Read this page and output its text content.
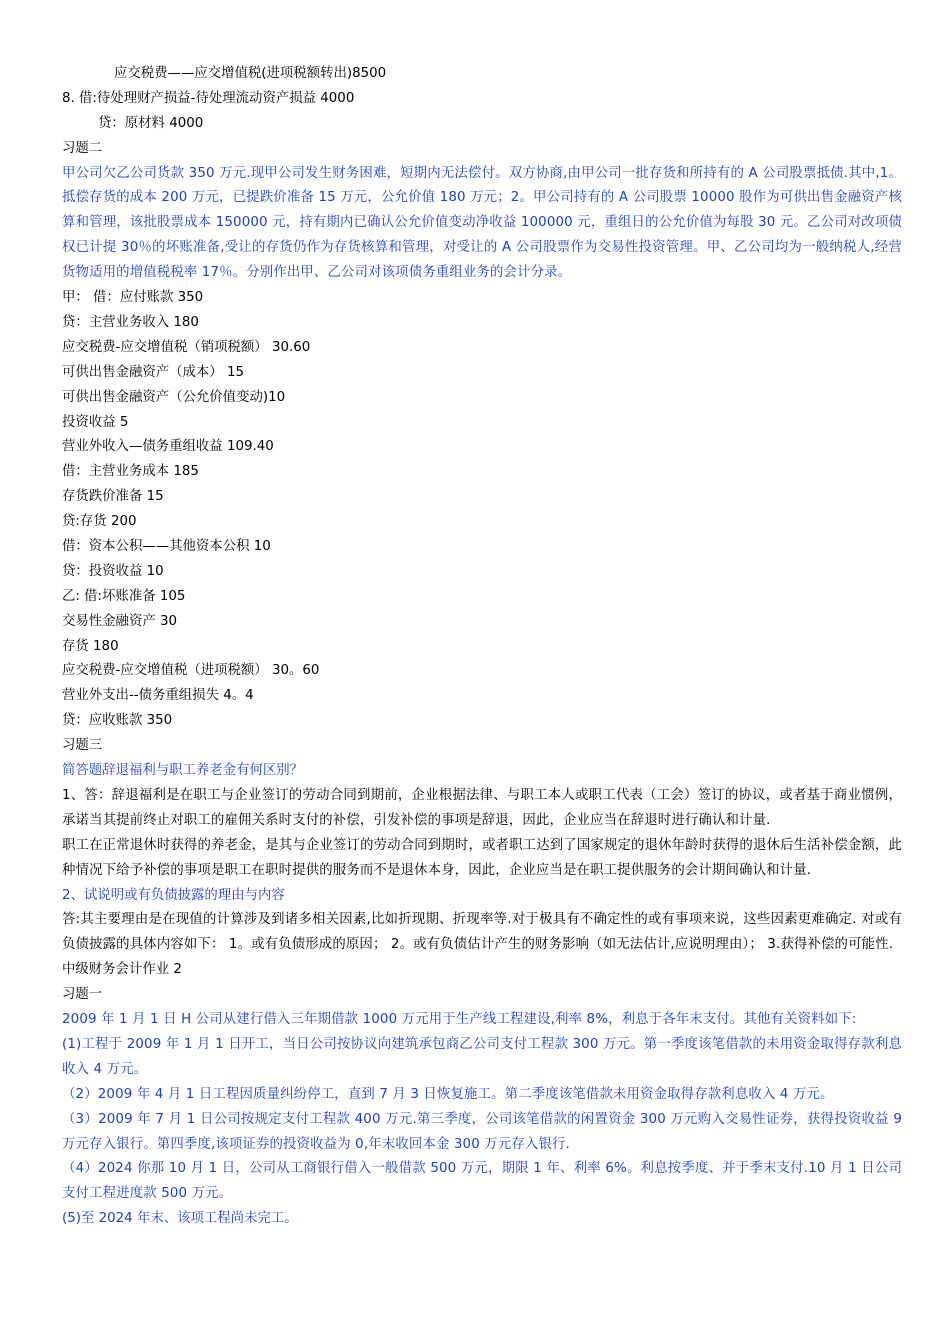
应交税费——应交增值税(进项税额转出)8500
8. 借:待处理财产损益-待处理流动资产损益 4000
贷：原材料 4000
习题二
甲公司欠乙公司货款 350 万元.现甲公司发生财务困难，短期内无法偿付。双方协商,由甲公司一批存货和所持有的 A 公司股票抵债.其中,1。抵偿存货的成本 200 万元，已提跌价准备 15 万元，公允价值 180 万元；2。甲公司持有的 A 公司股票 10000 股作为可供出售金融资产核算和管理，该批股票成本 150000 元，持有期内已确认公允价值变动净收益 100000 元，重组日的公允价值为每股 30 元。乙公司对改项债权已计提 30％的坏账准备,受让的存货仍作为存货核算和管理，对受让的 A 公司股票作为交易性投资管理。甲、乙公司均为一般纳税人,经营货物适用的增值税税率 17％。分别作出甲、乙公司对该项债务重组业务的会计分录。
甲： 借：应付账款 350
贷：主营业务收入 180
应交税费-应交增值税（销项税额） 30.60
可供出售金融资产（成本） 15
可供出售金融资产（公允价值变动)10
投资收益 5
营业外收入—债务重组收益 109.40
借：主营业务成本 185
存货跌价准备 15
贷:存货 200
借：资本公积——其他资本公积 10
贷：投资收益 10
乙: 借:坏账准备 105
交易性金融资产 30
存货 180
应交税费-应交增值税（进项税额） 30。60
营业外支出--债务重组损失 4。4
贷：应收账款 350
习题三
简答题辞退福利与职工养老金有何区别？
1、答：辞退福利是在职工与企业签订的劳动合同到期前，企业根据法律、与职工本人或职工代表（工会）签订的协议，或者基于商业惯例，承诺当其提前终止对职工的雇佣关系时支付的补偿，引发补偿的事项是辞退，因此，企业应当在辞退时进行确认和计量.
职工在正常退休时获得的养老金，是其与企业签订的劳动合同到期时，或者职工达到了国家规定的退休年龄时获得的退休后生活补偿金额，此种情况下给予补偿的事项是职工在职时提供的服务而不是退休本身，因此，企业应当是在职工提供服务的会计期间确认和计量.
2、试说明或有负债披露的理由与内容
答:其主要理由是在现值的计算涉及到诸多相关因素,比如折现期、折现率等.对于极具有不确定性的或有事项来说，这些因素更难确定. 对或有负债披露的具体内容如下： 1。或有负债形成的原因； 2。或有负债估计产生的财务影响（如无法估计,应说明理由）； 3.获得补偿的可能性.
中级财务会计作业 2
习题一
2009 年 1 月 1 日 H 公司从建行借入三年期借款 1000 万元用于生产线工程建设,利率 8%，利息于各年末支付。其他有关资料如下:
(1)工程于 2009 年 1 月 1 日开工，当日公司按协议向建筑承包商乙公司支付工程款 300 万元。第一季度该笔借款的未用资金取得存款利息收入 4 万元。
（2）2009 年 4 月 1 日工程因质量纠纷停工，直到 7 月 3 日恢复施工。第二季度该笔借款未用资金取得存款利息收入 4 万元。
（3）2009 年 7 月 1 日公司按规定支付工程款 400 万元.第三季度，公司该笔借款的闲置资金 300 万元购入交易性证券，获得投资收益 9 万元存入银行。第四季度,该项证券的投资收益为 0,年末收回本金 300 万元存入银行.
（4）2024 你那 10 月 1 日，公司从工商银行借入一般借款 500 万元，期限 1 年、利率 6%。利息按季度、并于季末支付.10 月 1 日公司支付工程进度款 500 万元。
(5)至 2024 年末、该项工程尚未完工。
